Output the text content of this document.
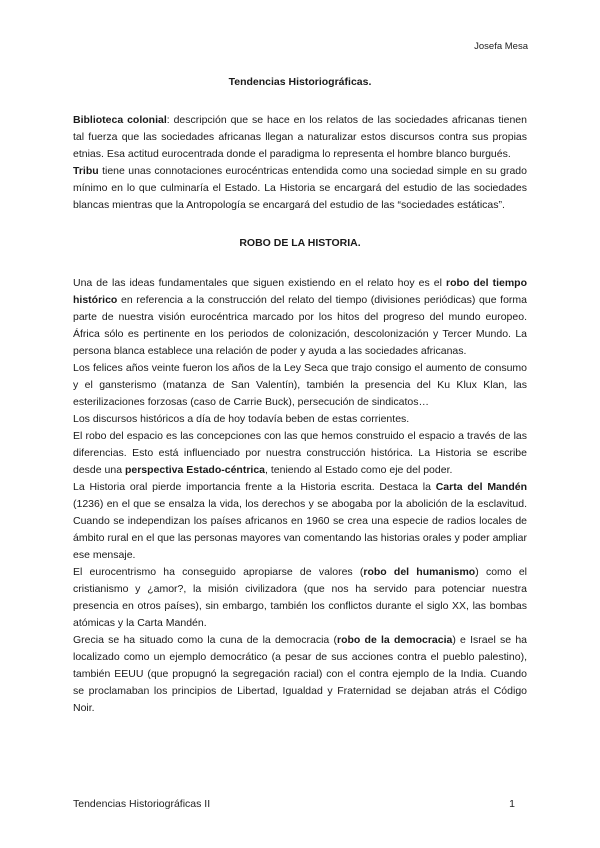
Josefa Mesa
Tendencias Historiográficas.

Biblioteca colonial: descripción que se hace en los relatos de las sociedades africanas tienen tal fuerza que las sociedades africanas llegan a naturalizar estos discursos contra sus propias etnias. Esa actitud eurocentrada donde el paradigma lo representa el hombre blanco burgués.

Tribu tiene unas connotaciones eurocéntricas entendida como una sociedad simple en su grado mínimo en lo que culminaría el Estado. La Historia se encargará del estudio de las sociedades blancas mientras que la Antropología se encargará del estudio de las “sociedades estáticas”.

ROBO DE LA HISTORIA.

Una de las ideas fundamentales que siguen existiendo en el relato hoy es el robo del tiempo histórico en referencia a la construcción del relato del tiempo (divisiones periódicas) que forma parte de nuestra visión eurocéntrica marcado por los hitos del progreso del mundo europeo. África sólo es pertinente en los periodos de colonización, descolonización y Tercer Mundo. La persona blanca establece una relación de poder y ayuda a las sociedades africanas.

Los felices años veinte fueron los años de la Ley Seca que trajo consigo el aumento de consumo y el gansterismo (matanza de San Valentín), también la presencia del Ku Klux Klan, las esterilizaciones forzosas (caso de Carrie Buck), persecución de sindicatos…

Los discursos históricos a día de hoy todavía beben de estas corrientes.

El robo del espacio es las concepciones con las que hemos construido el espacio a través de las diferencias. Esto está influenciado por nuestra construcción histórica. La Historia se escribe desde una perspectiva Estado-céntrica, teniendo al Estado como eje del poder.

La Historia oral pierde importancia frente a la Historia escrita. Destaca la Carta del Mandén (1236) en el que se ensalza la vida, los derechos y se abogaba por la abolición de la esclavitud. Cuando se independizan los países africanos en 1960 se crea una especie de radios locales de ámbito rural en el que las personas mayores van comentando las historias orales y poder ampliar ese mensaje.

El eurocentrismo ha conseguido apropiarse de valores (robo del humanismo) como el cristianismo y ¿amor?, la misión civilizadora (que nos ha servido para potenciar nuestra presencia en otros países), sin embargo, también los conflictos durante el siglo XX, las bombas atómicas y la Carta Mandén.

Grecia se ha situado como la cuna de la democracia (robo de la democracia) e Israel se ha localizado como un ejemplo democrático (a pesar de sus acciones contra el pueblo palestino), también EEUU (que propugnó la segregación racial) con el contra ejemplo de la India. Cuando se proclamaban los principios de Libertad, Igualdad y Fraternidad se dejaban atrás el Código Noir.

Tendencias Historiográficas II	1
